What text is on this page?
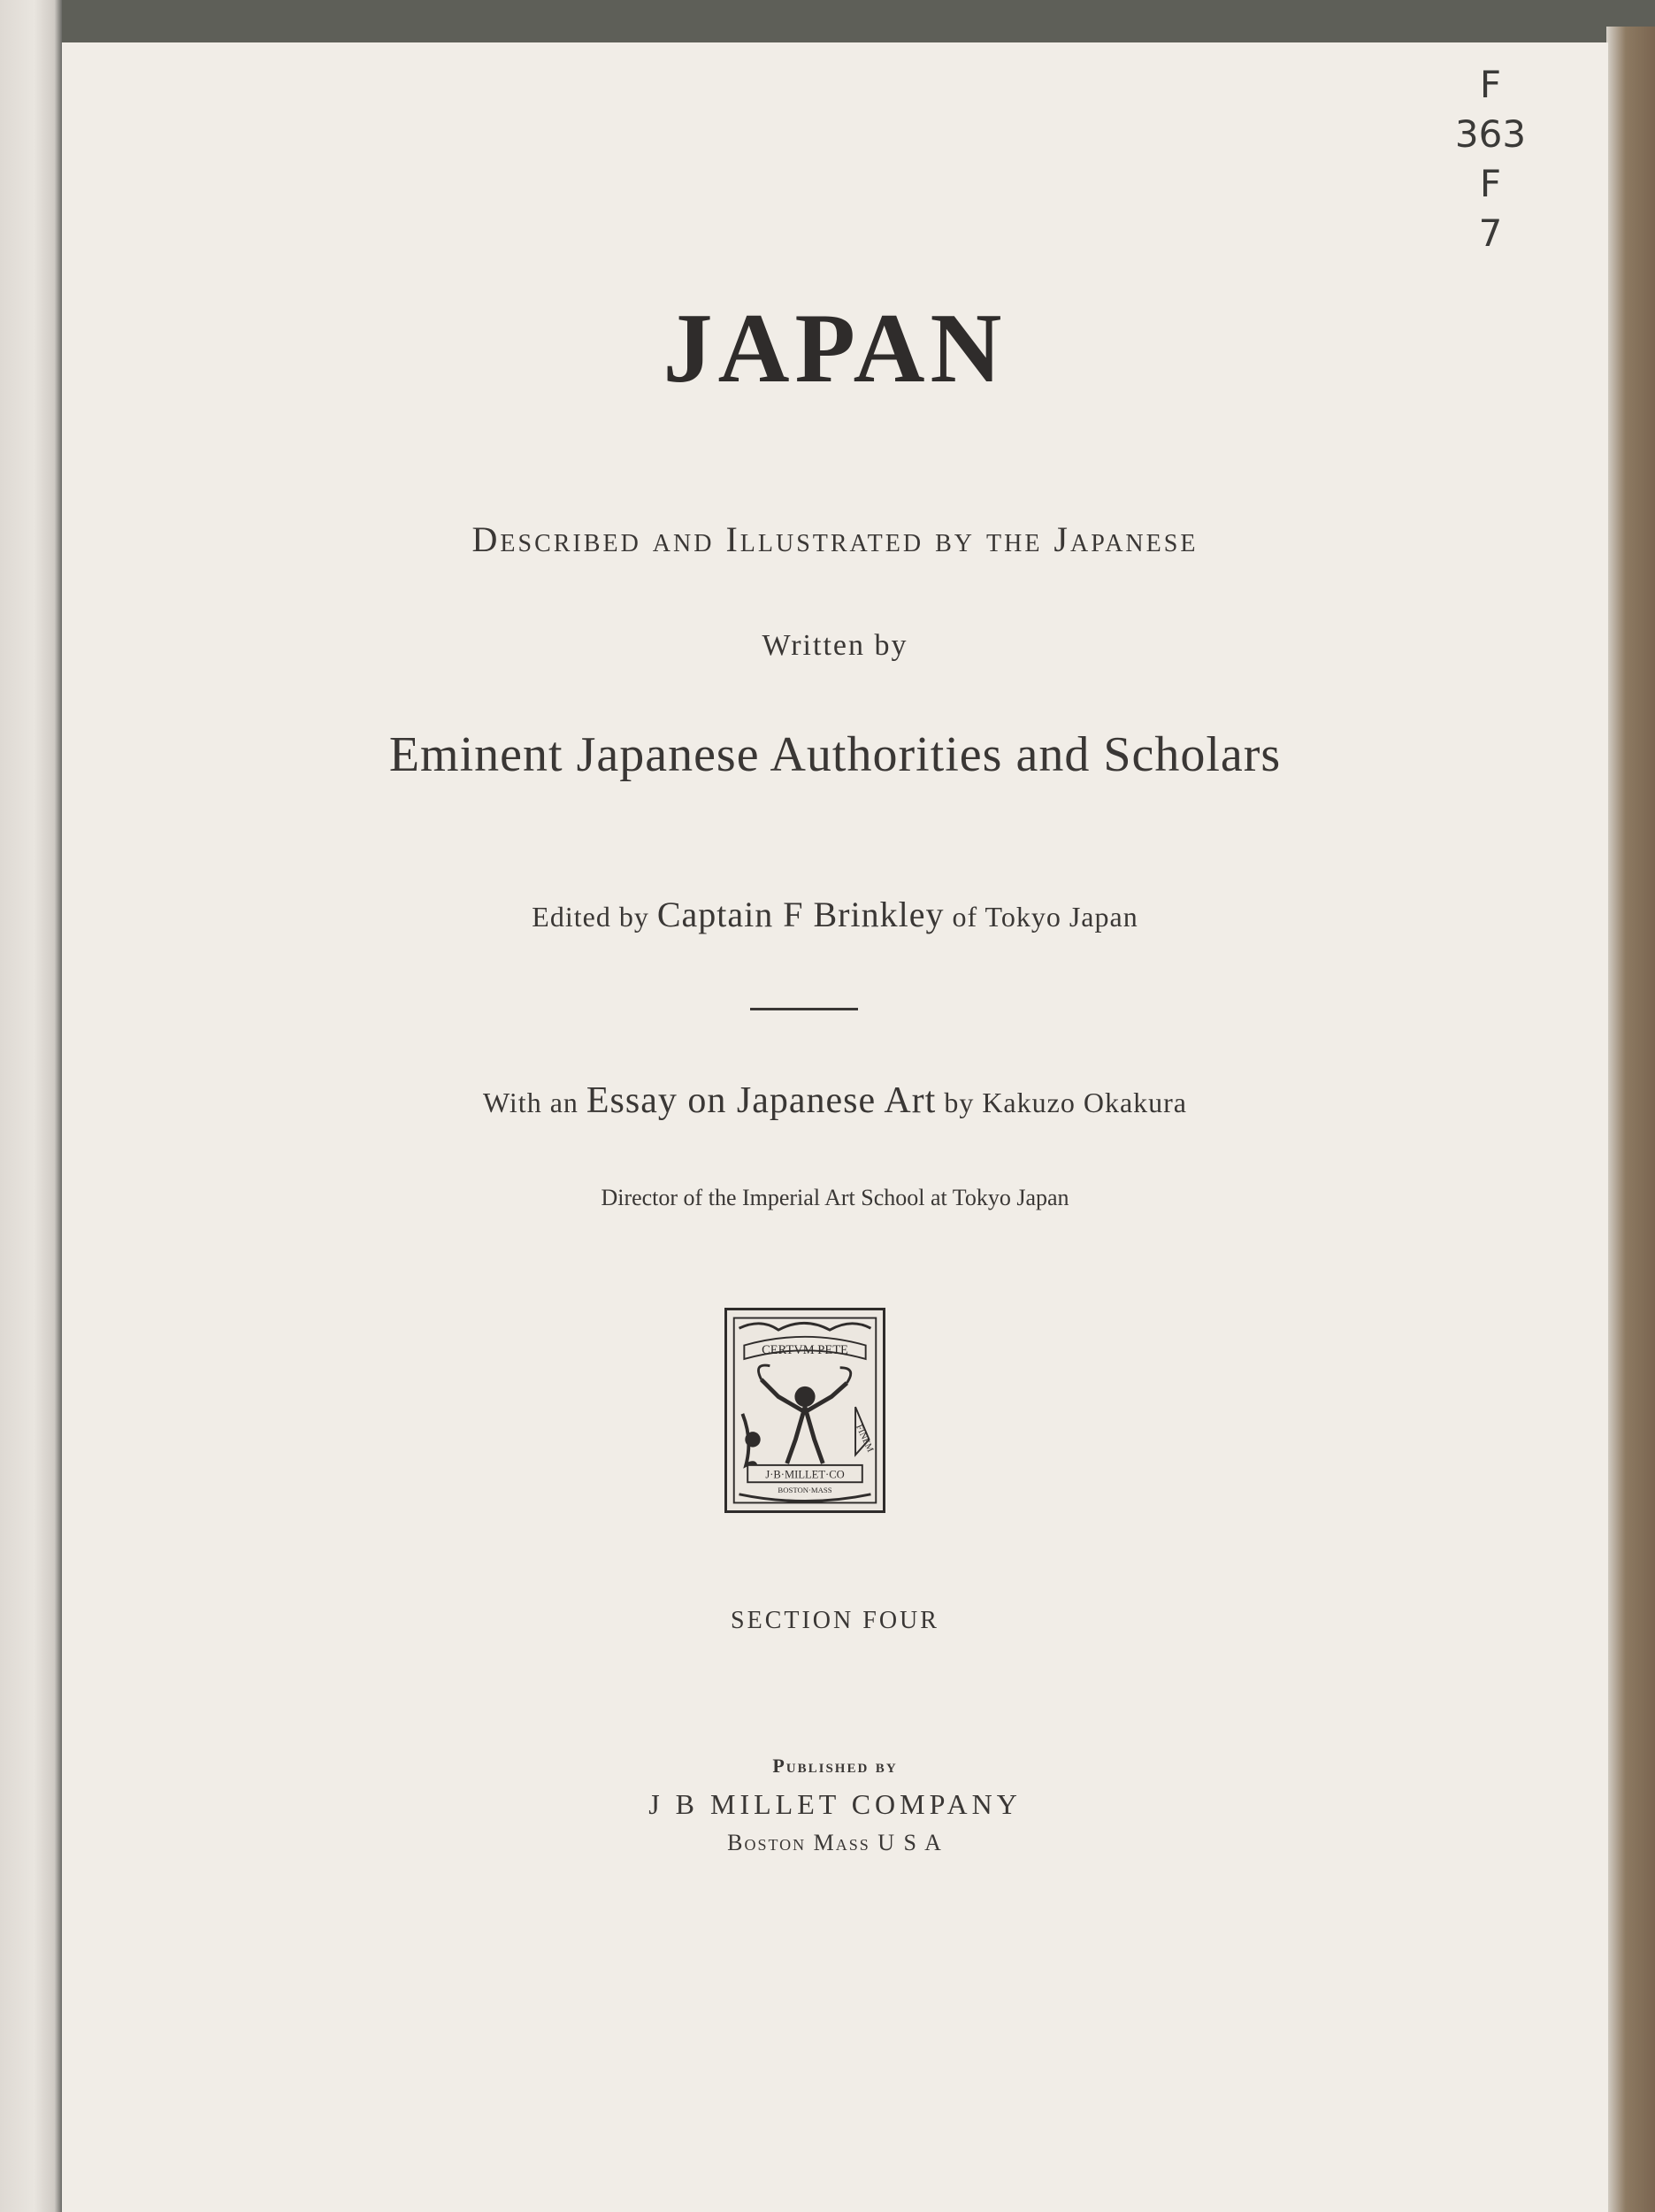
F
363
F
7
JAPAN
Described and Illustrated by the Japanese
Written by
Eminent Japanese Authorities and Scholars
Edited by Captain F Brinkley of Tokyo Japan
With an Essay on Japanese Art by Kakuzo Okakura
Director of the Imperial Art School at Tokyo Japan
CERTVM PETE
FINEM
J·B·MILLET·CO
BOSTON·MASS
SECTION FOUR
Published by
J B MILLET COMPANY
Boston Mass U S A
